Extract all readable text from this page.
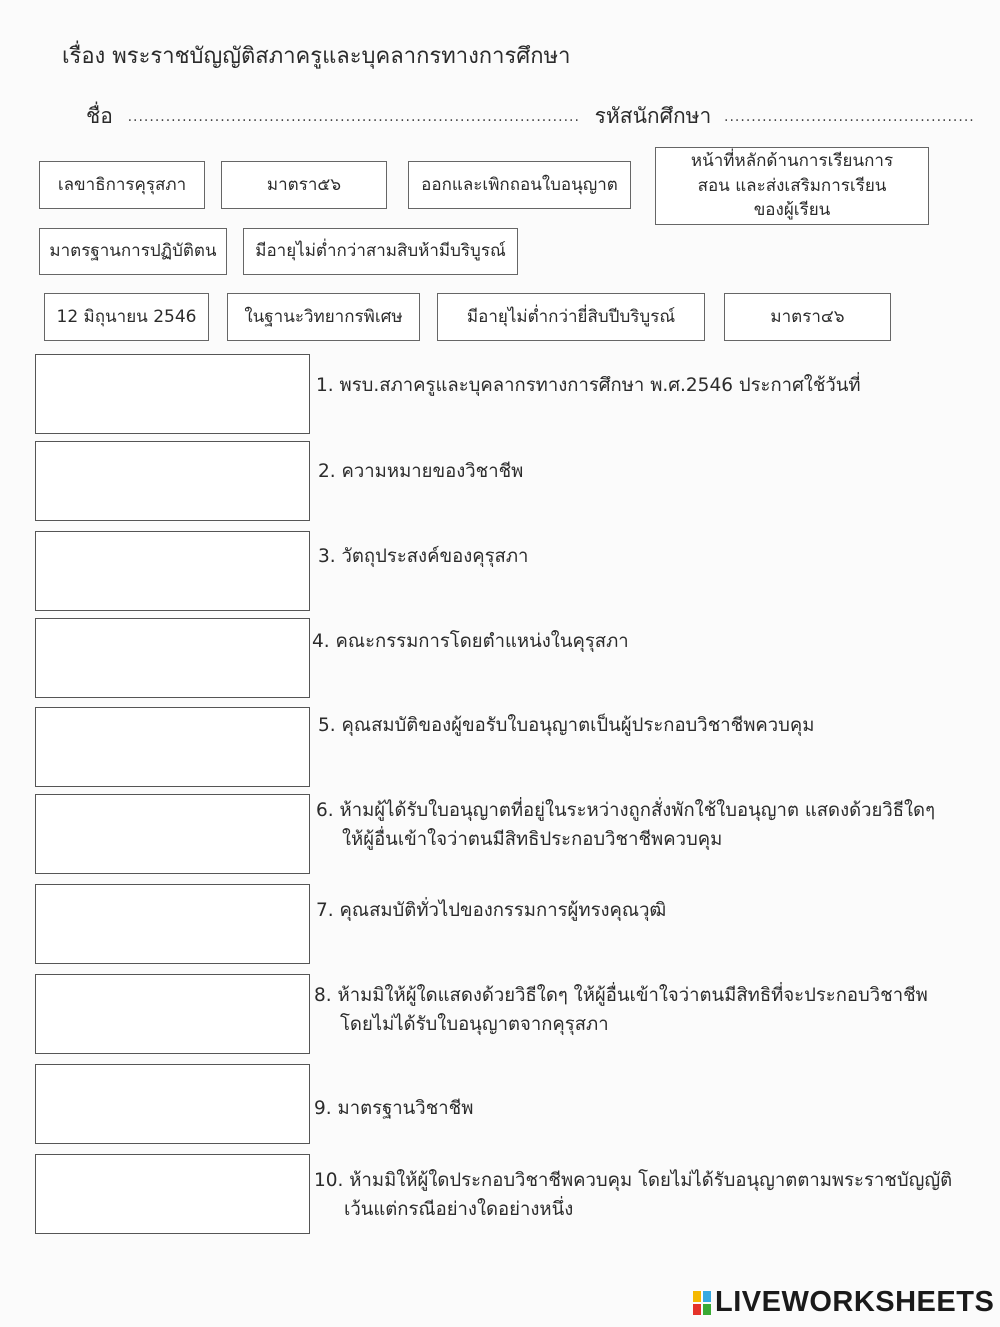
เรื่อง พระราชบัญญัติสภาครูและบุคลากรทางการศึกษา
ชื่อ ................................................................................... รหัสนักศึกษา ..............................................
เลขาธิการคุรุสภา	มาตรา๕๖	ออกและเพิกถอนใบอนุญาต
หน้าที่หลักด้านการเรียนการสอน และส่งเสริมการเรียนของผู้เรียน
มาตรฐานการปฏิบัติตน	มีอายุไม่ต่ำกว่าสามสิบห้ามีบริบูรณ์
12 มิถุนายน 2546	ในฐานะวิทยากรพิเศษ	มีอายุไม่ต่ำกว่ายี่สิบปีบริบูรณ์	มาตรา๔๖
1. พรบ.สภาครูและบุคลากรทางการศึกษา พ.ศ.2546 ประกาศใช้วันที่
2. ความหมายของวิชาชีพ
3. วัตถุประสงค์ของคุรุสภา
4. คณะกรรมการโดยตำแหน่งในคุรุสภา
5. คุณสมบัติของผู้ขอรับใบอนุญาตเป็นผู้ประกอบวิชาชีพควบคุม
6. ห้ามผู้ได้รับใบอนุญาตที่อยู่ในระหว่างถูกสั่งพักใช้ใบอนุญาต แสดงด้วยวิธีใดๆ
ให้ผู้อื่นเข้าใจว่าตนมีสิทธิประกอบวิชาชีพควบคุม
7. คุณสมบัติทั่วไปของกรรมการผู้ทรงคุณวุฒิ
8. ห้ามมิให้ผู้ใดแสดงด้วยวิธีใดๆ ให้ผู้อื่นเข้าใจว่าตนมีสิทธิที่จะประกอบวิชาชีพ
โดยไม่ได้รับใบอนุญาตจากคุรุสภา
9. มาตรฐานวิชาชีพ
10. ห้ามมิให้ผู้ใดประกอบวิชาชีพควบคุม โดยไม่ได้รับอนุญาตตามพระราชบัญญัติ
เว้นแต่กรณีอย่างใดอย่างหนึ่ง
LIVEWORKSHEETS
